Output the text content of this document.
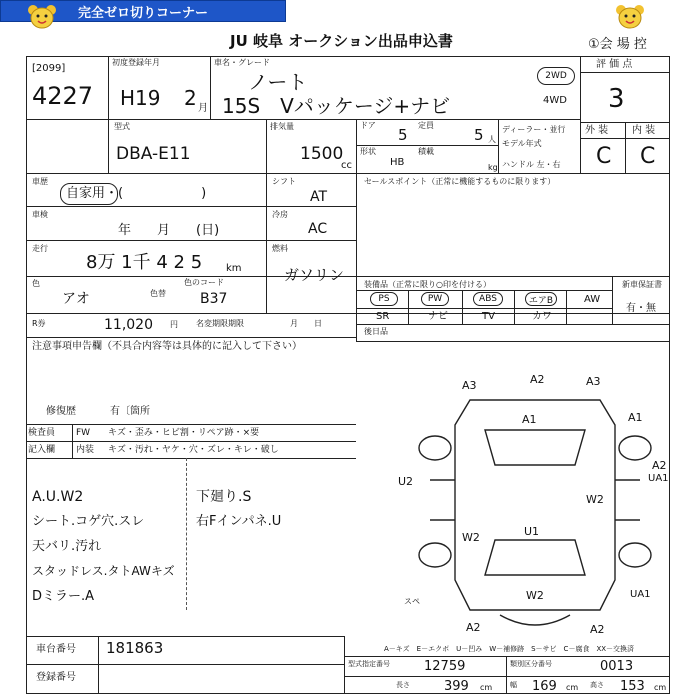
完全ゼロ切りコーナー
JU 岐阜 オークション出品申込書	①会 場 控
[2099]
4227
初度登録年月
H19 2 月
車名・グレード
ノート
15S　Vパッケージ+ナビ
2WD
4WD
型式
DBA-E11
排気量
1500
cc
ドア
5
定員
5 人
形状
HB
積載
kg
ディーラー・並行
モデル年式
ハンドル 左・右
評 価 点
3
外 装 内 装
C C
車歴
自家用・(　　　　　　)
シフト
AT
車検
年　　月　　(日)
冷房
AC
走行
8万 1千 4 2 5 km
燃料
ガソリン
色
アオ	色替
色のコード
B37
R券	11,020 円 名変期限期限	月　　日
セールスポイント（正常に機能するものに限ります）
装備品（正常に限り○印を付ける）	新車保証書
有・無
PS	PW	ABS	エアB	AW
SR	ナビ	TV	カワ
後日品
注意事項申告欄（不具合内容等は具体的に記入して下さい）
修復歴	有〔箇所
検査員
記入欄
FW キズ・歪み・ヒビ割・リペア跡・×要
内装 キズ・汚れ・ヤケ・穴・ズレ・キレ・破し
A.U.W2
シート.コゲ穴.スレ
天バリ.汚れ
スタッドレス.タトAWキズ
Dミラー.A
下廻り.S
右Fインパネ.U
A3	A2	A3
A1	A1
A2
UA1
U2
W2
W2	UA1
A2
U1
スペ
A2
W2
A－キズ　E－エクボ　U－凹み　W－補修跡　S－サビ　C－腐食　XX－交換済
車台番号 181863
登録番号
型式指定番号	12759	類別区分番号	0013
長さ	399 cm	幅 169 cm 高さ 153 cm
